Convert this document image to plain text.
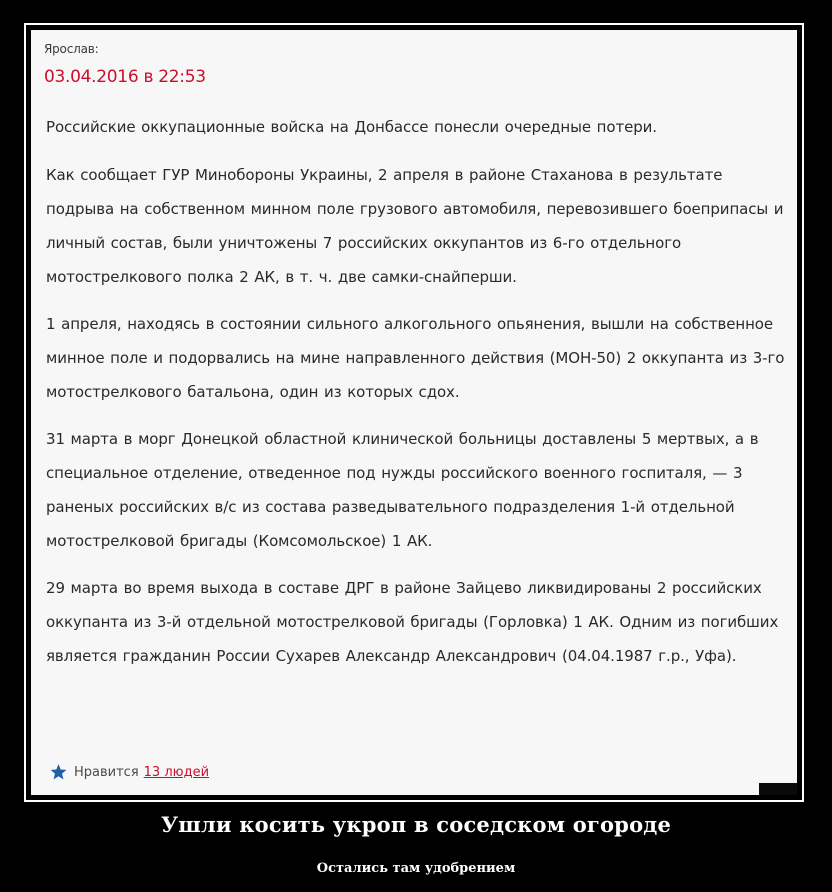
Ярослав:
03.04.2016 в 22:53

Российские оккупационные войска на Донбассе понесли очередные потери.

Как сообщает ГУР Минобороны Украины, 2 апреля в районе Стаханова в результате подрыва на собственном минном поле грузового автомобиля, перевозившего боеприпасы и личный состав, были уничтожены 7 российских оккупантов из 6-го отдельного мотострелкового полка 2 АК, в т. ч. две самки-снайперши.

1 апреля, находясь в состоянии сильного алкогольного опьянения, вышли на собственное минное поле и подорвались на мине направленного действия (МОН-50) 2 оккупанта из 3-го мотострелкового батальона, один из которых сдох.

31 марта в морг Донецкой областной клинической больницы доставлены 5 мертвых, а в специальное отделение, отведенное под нужды российского военного госпиталя, — 3 раненых российских в/с из состава разведывательного подразделения 1-й отдельной мотострелковой бригады (Комсомольское) 1 АК.

29 марта во время выхода в составе ДРГ в районе Зайцево ликвидированы 2 российских оккупанта из 3-й отдельной мотострелковой бригады (Горловка) 1 АК. Одним из погибших является гражданин России Сухарев Александр Александрович (04.04.1987 г.р., Уфа).

Нравится 13 людей
Ушли косить укроп в соседском огороде
Остались там удобрением
